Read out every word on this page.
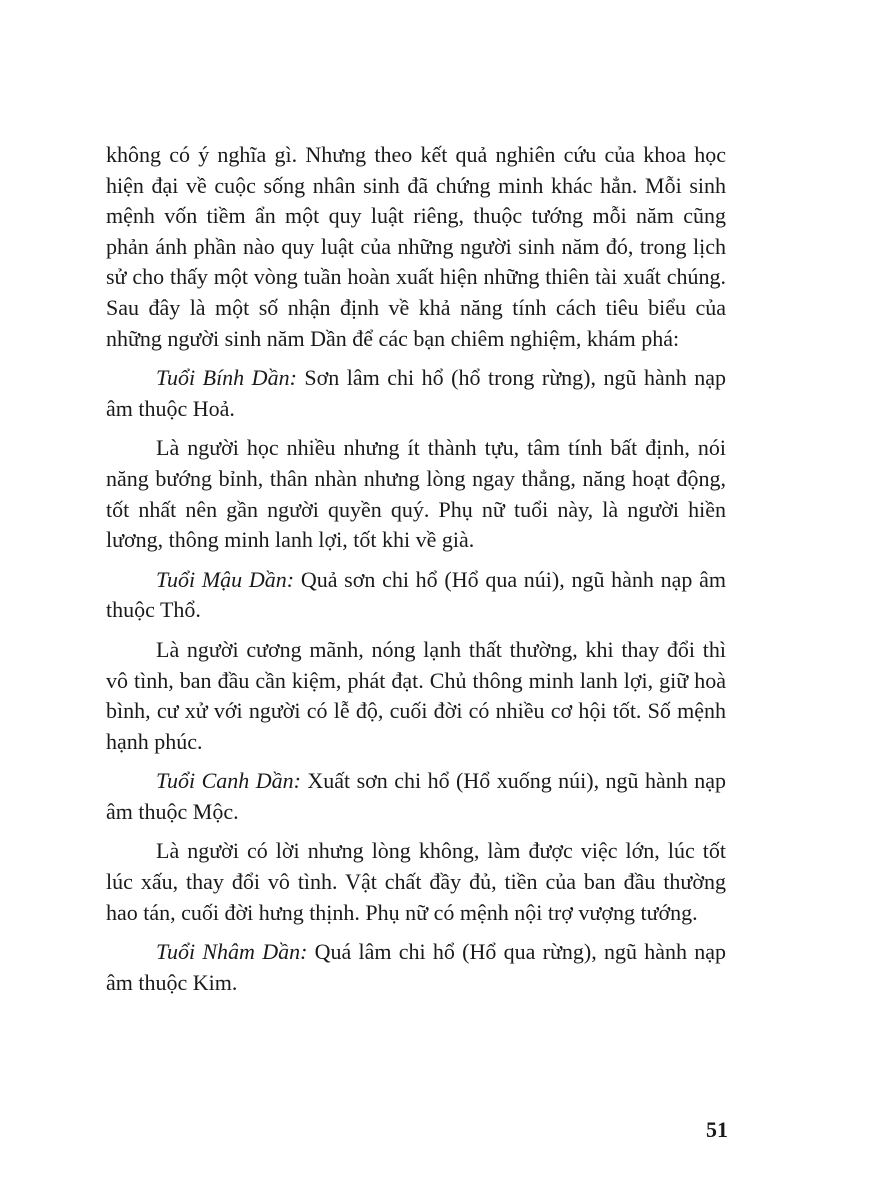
không có ý nghĩa gì. Nhưng theo kết quả nghiên cứu của khoa học hiện đại về cuộc sống nhân sinh đã chứng minh khác hẳn. Mỗi sinh mệnh vốn tiềm ẩn một quy luật riêng, thuộc tướng mỗi năm cũng phản ánh phần nào quy luật của những người sinh năm đó, trong lịch sử cho thấy một vòng tuần hoàn xuất hiện những thiên tài xuất chúng. Sau đây là một số nhận định về khả năng tính cách tiêu biểu của những người sinh năm Dần để các bạn chiêm nghiệm, khám phá:

Tuổi Bính Dần: Sơn lâm chi hổ (hổ trong rừng), ngũ hành nạp âm thuộc Hoả.

Là người học nhiều nhưng ít thành tựu, tâm tính bất định, nói năng bướng bỉnh, thân nhàn nhưng lòng ngay thẳng, năng hoạt động, tốt nhất nên gần người quyền quý. Phụ nữ tuổi này, là người hiền lương, thông minh lanh lợi, tốt khi về già.

Tuổi Mậu Dần: Quả sơn chi hổ (Hổ qua núi), ngũ hành nạp âm thuộc Thổ.

Là người cương mãnh, nóng lạnh thất thường, khi thay đổi thì vô tình, ban đầu cần kiệm, phát đạt. Chủ thông minh lanh lợi, giữ hoà bình, cư xử với người có lễ độ, cuối đời có nhiều cơ hội tốt. Số mệnh hạnh phúc.

Tuổi Canh Dần: Xuất sơn chi hổ (Hổ xuống núi), ngũ hành nạp âm thuộc Mộc.

Là người có lời nhưng lòng không, làm được việc lớn, lúc tốt lúc xấu, thay đổi vô tình. Vật chất đầy đủ, tiền của ban đầu thường hao tán, cuối đời hưng thịnh. Phụ nữ có mệnh nội trợ vượng tướng.

Tuổi Nhâm Dần: Quá lâm chi hổ (Hổ qua rừng), ngũ hành nạp âm thuộc Kim.

51
